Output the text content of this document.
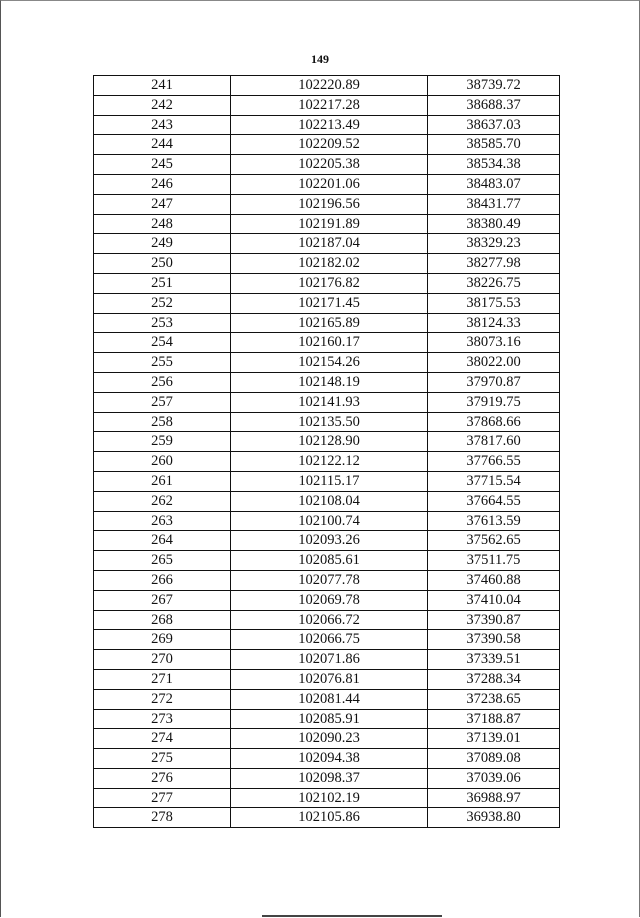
149
241	102220.89	38739.72
242	102217.28	38688.37
243	102213.49	38637.03
244	102209.52	38585.70
245	102205.38	38534.38
246	102201.06	38483.07
247	102196.56	38431.77
248	102191.89	38380.49
249	102187.04	38329.23
250	102182.02	38277.98
251	102176.82	38226.75
252	102171.45	38175.53
253	102165.89	38124.33
254	102160.17	38073.16
255	102154.26	38022.00
256	102148.19	37970.87
257	102141.93	37919.75
258	102135.50	37868.66
259	102128.90	37817.60
260	102122.12	37766.55
261	102115.17	37715.54
262	102108.04	37664.55
263	102100.74	37613.59
264	102093.26	37562.65
265	102085.61	37511.75
266	102077.78	37460.88
267	102069.78	37410.04
268	102066.72	37390.87
269	102066.75	37390.58
270	102071.86	37339.51
271	102076.81	37288.34
272	102081.44	37238.65
273	102085.91	37188.87
274	102090.23	37139.01
275	102094.38	37089.08
276	102098.37	37039.06
277	102102.19	36988.97
278	102105.86	36938.80
